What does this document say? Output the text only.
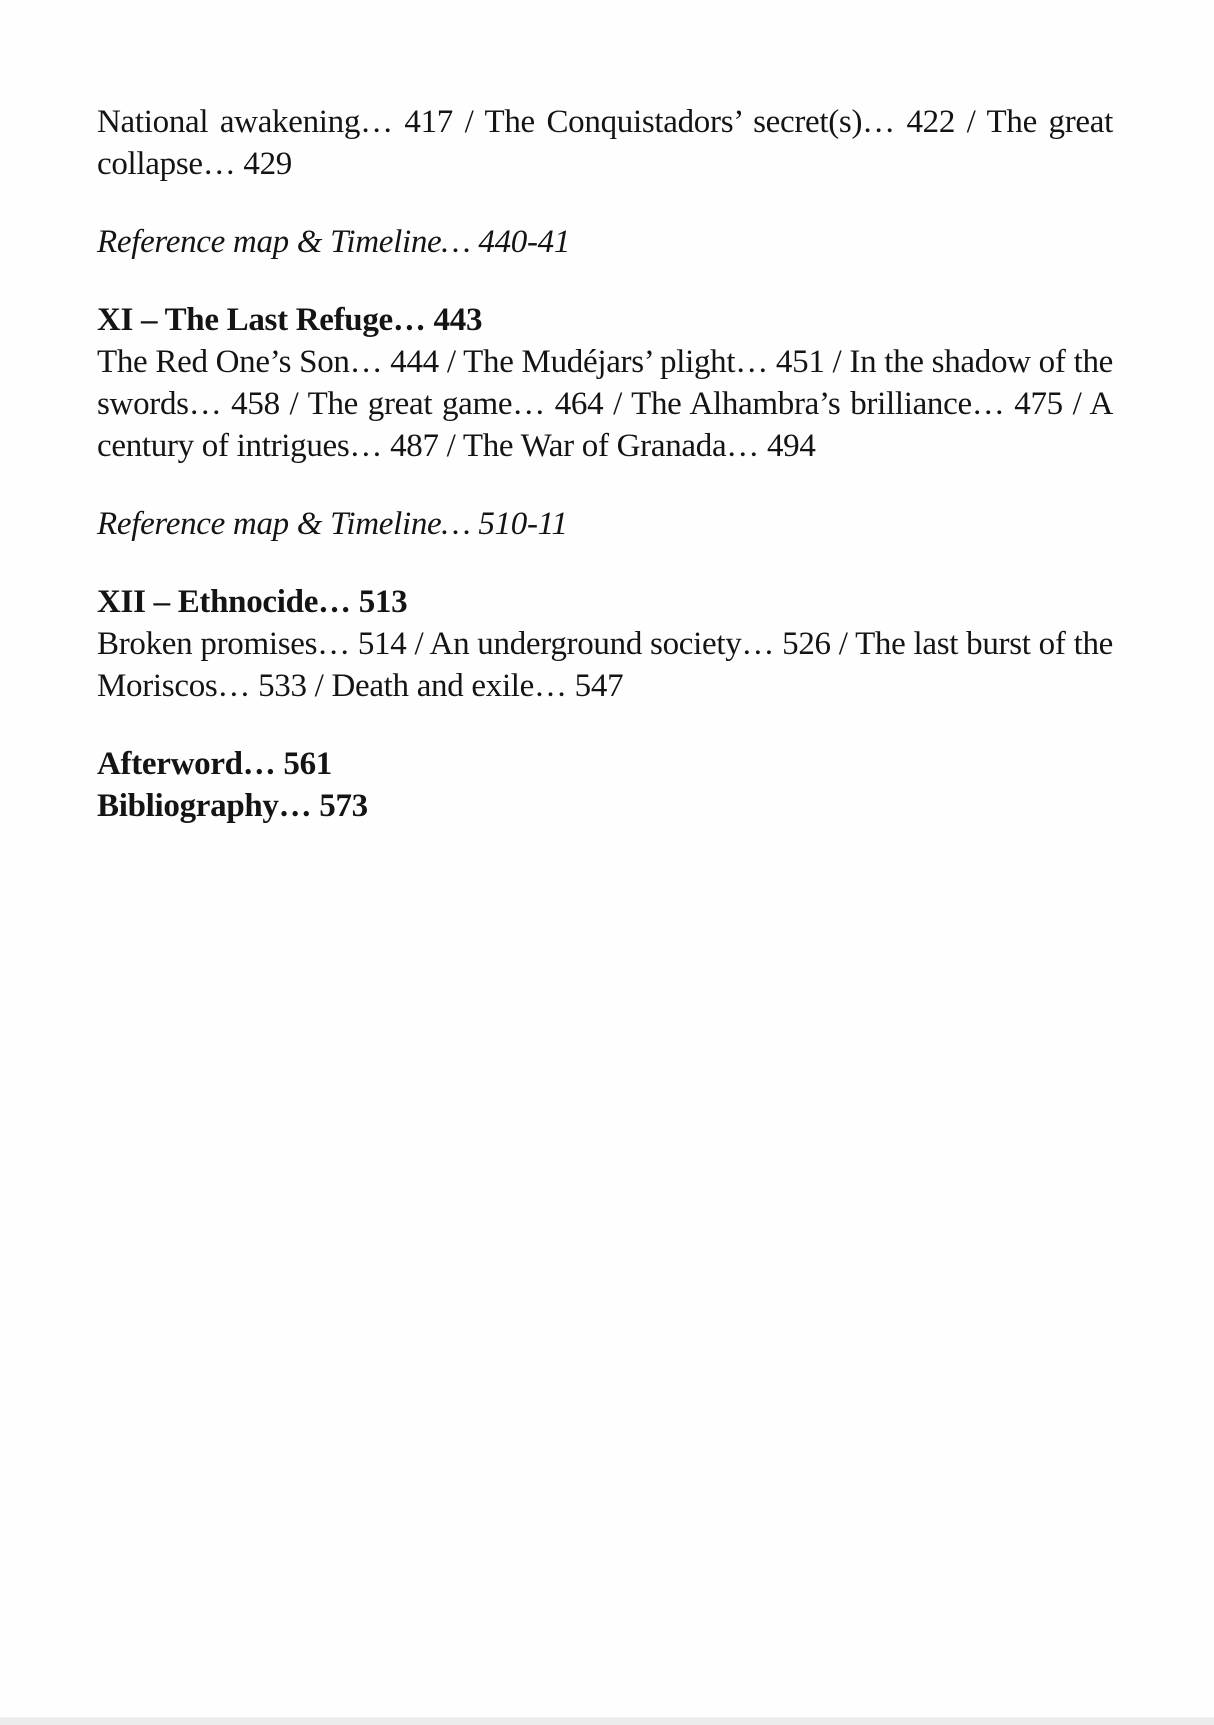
National awakening… 417 / The Conquistadors’ secret(s)… 422 / The great collapse… 429

Reference map & Timeline… 440-41

XI – The Last Refuge… 443

The Red One’s Son… 444 / The Mudéjars’ plight… 451 / In the shadow of the swords… 458 / The great game… 464 / The Alhambra’s brilliance… 475 / A century of intrigues… 487 / The War of Granada… 494

Reference map & Timeline… 510-11

XII – Ethnocide… 513

Broken promises… 514 / An underground society… 526 / The last burst of the Moriscos… 533 / Death and exile… 547

Afterword… 561

Bibliography… 573
